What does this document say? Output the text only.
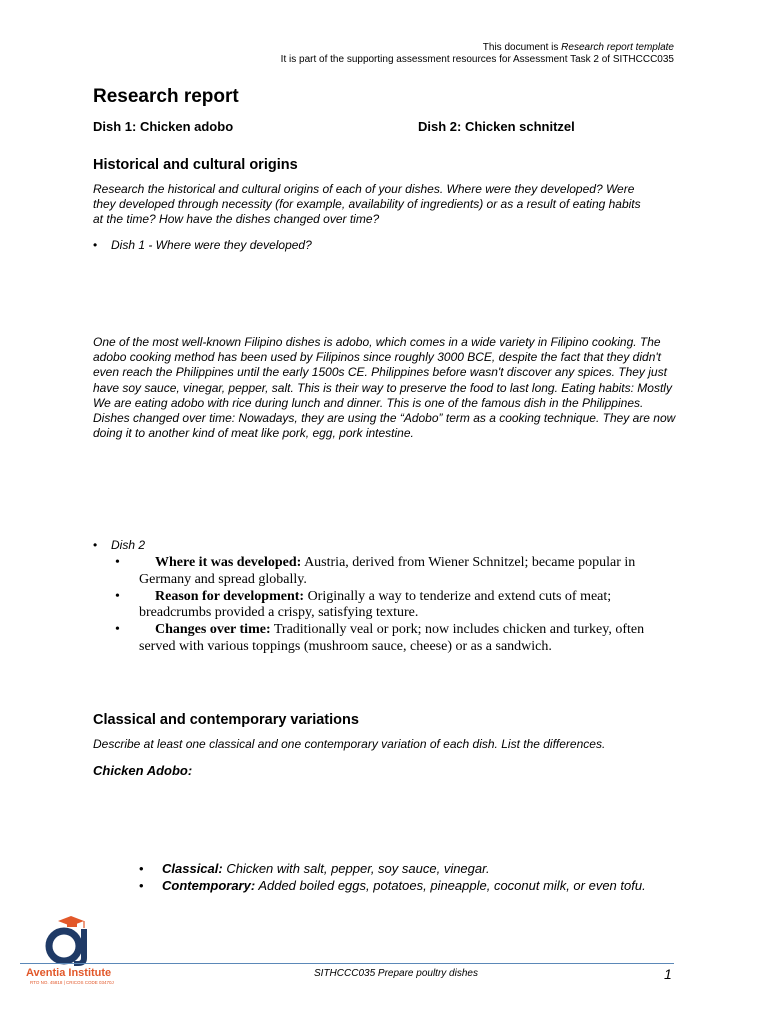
This document is Research report template
It is part of the supporting assessment resources for Assessment Task 2 of SITHCCC035
Research report
Dish 1: Chicken adobo	Dish 2: Chicken schnitzel
Historical and cultural origins
Research the historical and cultural origins of each of your dishes. Where were they developed? Were they developed through necessity (for example, availability of ingredients) or as a result of eating habits at the time? How have the dishes changed over time?
• Dish 1 - Where were they developed?
One of the most well-known Filipino dishes is adobo, which comes in a wide variety in Filipino cooking. The adobo cooking method has been used by Filipinos since roughly 3000 BCE, despite the fact that they didn't even reach the Philippines until the early 1500s CE. Philippines before wasn't discover any spices. They just have soy sauce, vinegar, pepper, salt. This is their way to preserve the food to last long. Eating habits: Mostly We are eating adobo with rice during lunch and dinner. This is one of the famous dish in the Philippines. Dishes changed over time: Nowadays, they are using the “Adobo” term as a cooking technique. They are now doing it to another kind of meat like pork, egg, pork intestine.
• Dish 2
•	Where it was developed: Austria, derived from Wiener Schnitzel; became popular in Germany and spread globally.
•	Reason for development: Originally a way to tenderize and extend cuts of meat; breadcrumbs provided a crispy, satisfying texture.
•	Changes over time: Traditionally veal or pork; now includes chicken and turkey, often served with various toppings (mushroom sauce, cheese) or as a sandwich.
Classical and contemporary variations
Describe at least one classical and one contemporary variation of each dish. List the differences.
Chicken Adobo:
• Classical: Chicken with salt, pepper, soy sauce, vinegar.
• Contemporary: Added boiled eggs, potatoes, pineapple, coconut milk, or even tofu.
Aventia Institute
RTO NO. 45818 | CRICOS CODE 03470J
SITHCCC035 Prepare poultry dishes	1
